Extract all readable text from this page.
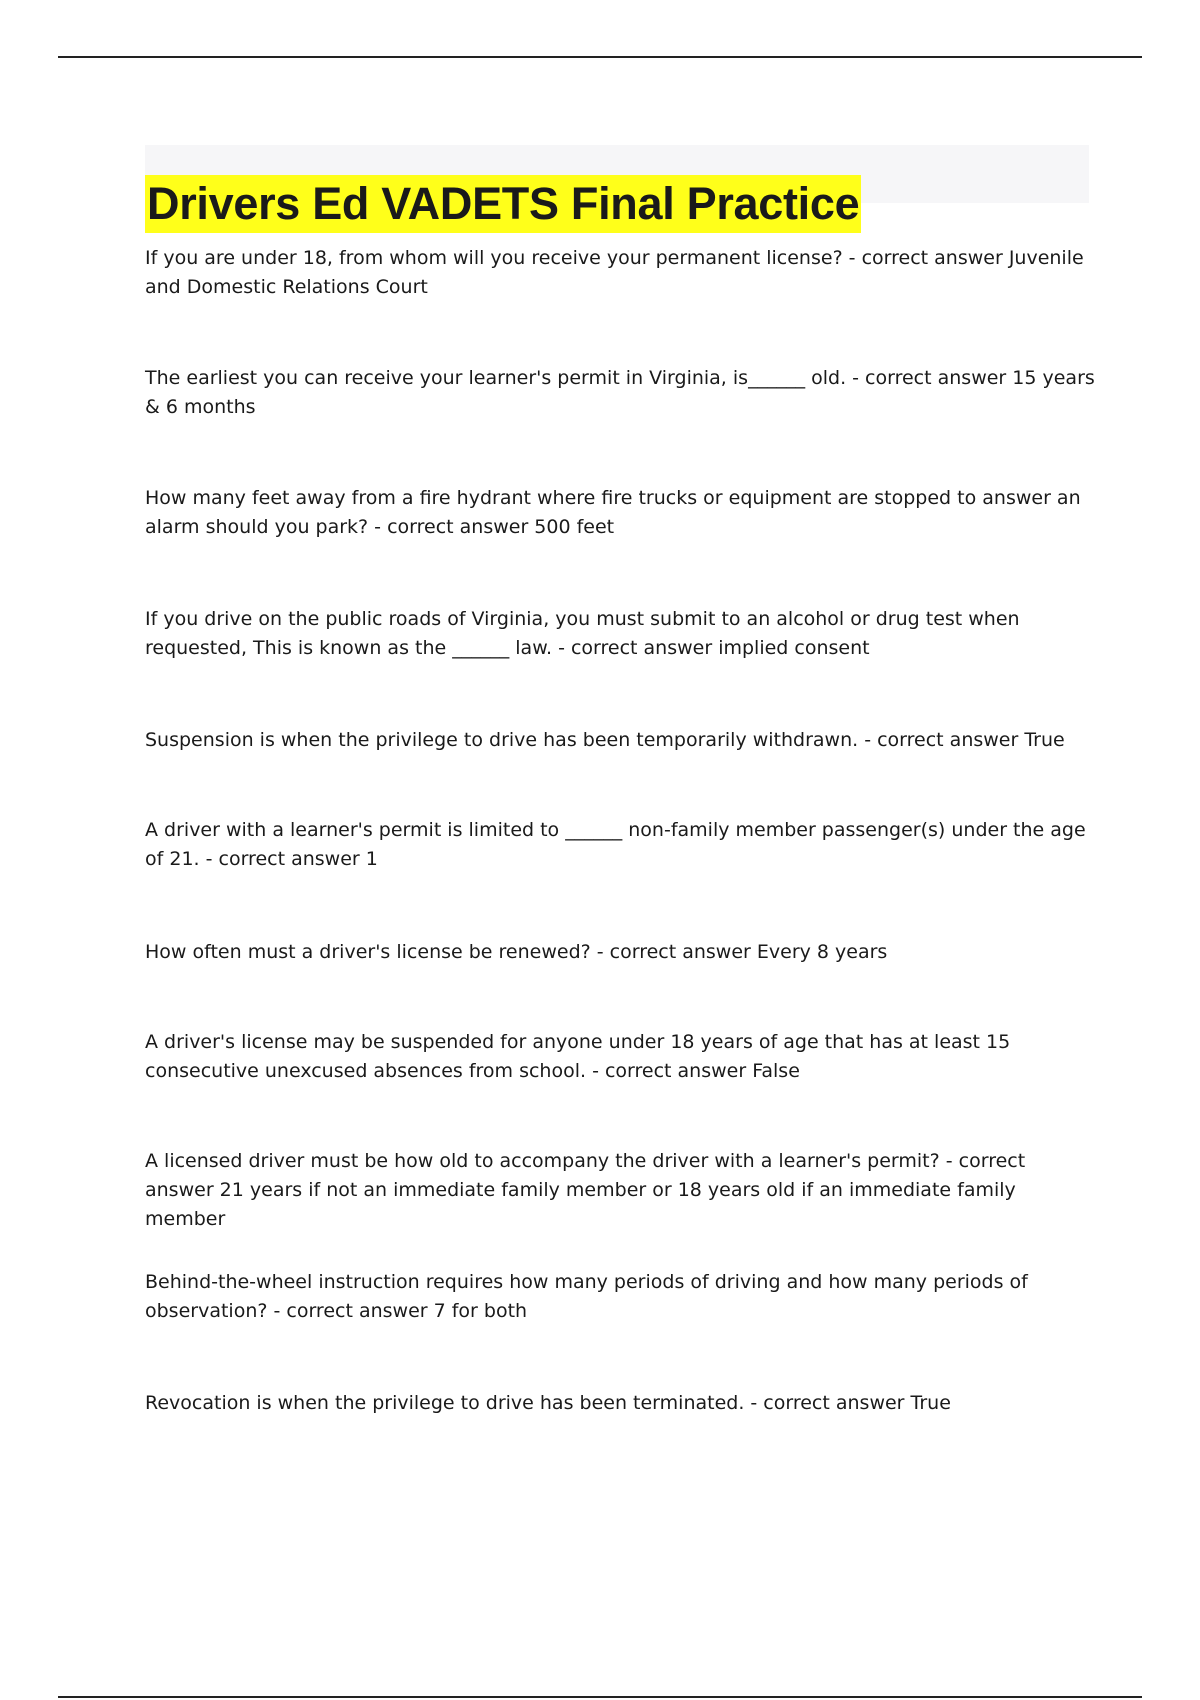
Drivers Ed VADETS Final Practice

If you are under 18, from whom will you receive your permanent license? - correct answer Juvenile and Domestic Relations Court

The earliest you can receive your learner's permit in Virginia, is______ old. - correct answer 15 years & 6 months

How many feet away from a fire hydrant where fire trucks or equipment are stopped to answer an alarm should you park? - correct answer 500 feet

If you drive on the public roads of Virginia, you must submit to an alcohol or drug test when requested, This is known as the ______ law. - correct answer implied consent

Suspension is when the privilege to drive has been temporarily withdrawn. - correct answer True

A driver with a learner's permit is limited to ______ non-family member passenger(s) under the age of 21. - correct answer 1

How often must a driver's license be renewed? - correct answer Every 8 years

A driver's license may be suspended for anyone under 18 years of age that has at least 15 consecutive unexcused absences from school. - correct answer False

A licensed driver must be how old to accompany the driver with a learner's permit? - correct answer 21 years if not an immediate family member or 18 years old if an immediate family member

Behind-the-wheel instruction requires how many periods of driving and how many periods of observation? - correct answer 7 for both

Revocation is when the privilege to drive has been terminated. - correct answer True
